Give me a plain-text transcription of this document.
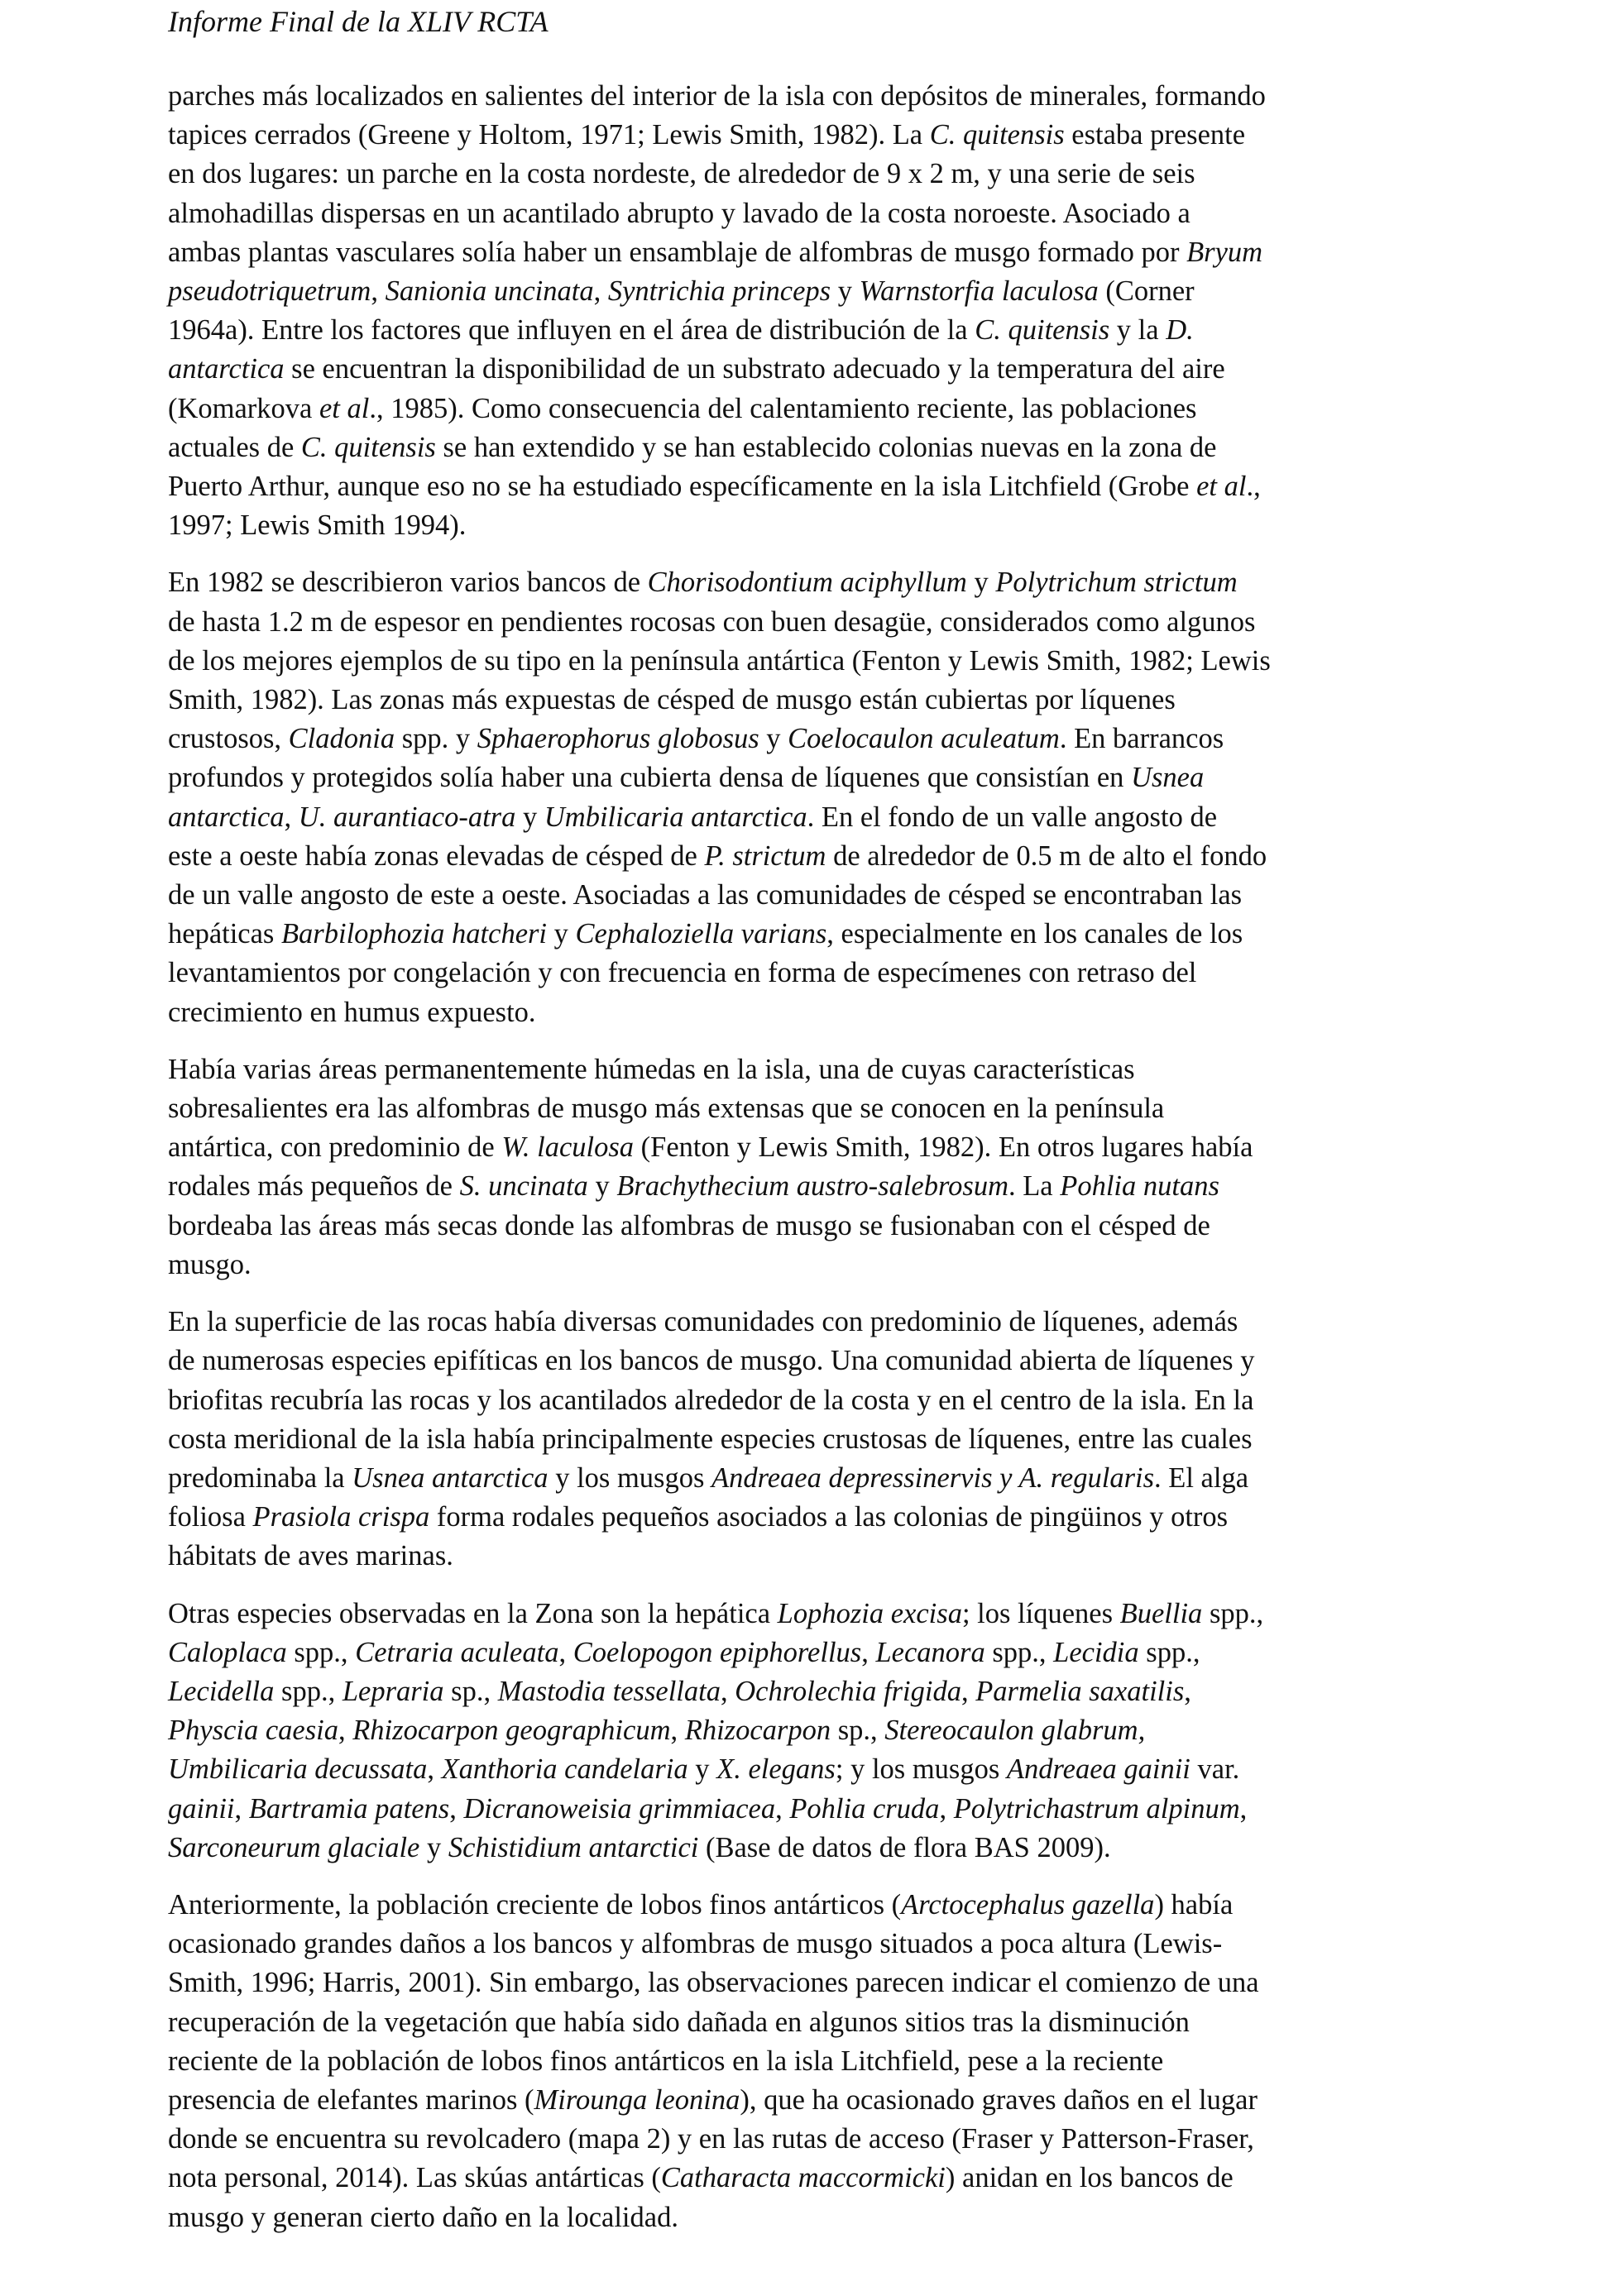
Informe Final de la XLIV RCTA

parches más localizados en salientes del interior de la isla con depósitos de minerales, formando
tapices cerrados (Greene y Holtom, 1971; Lewis Smith, 1982). La C. quitensis estaba presente
en dos lugares: un parche en la costa nordeste, de alrededor de 9 x 2 m, y una serie de seis
almohadillas dispersas en un acantilado abrupto y lavado de la costa noroeste. Asociado a
ambas plantas vasculares solía haber un ensamblaje de alfombras de musgo formado por Bryum
pseudotriquetrum, Sanionia uncinata, Syntrichia princeps y Warnstorfia laculosa (Corner
1964a). Entre los factores que influyen en el área de distribución de la C. quitensis y la D.
antarctica se encuentran la disponibilidad de un substrato adecuado y la temperatura del aire
(Komarkova et al., 1985). Como consecuencia del calentamiento reciente, las poblaciones
actuales de C. quitensis se han extendido y se han establecido colonias nuevas en la zona de
Puerto Arthur, aunque eso no se ha estudiado específicamente en la isla Litchfield (Grobe et al.,
1997; Lewis Smith 1994).

En 1982 se describieron varios bancos de Chorisodontium aciphyllum y Polytrichum strictum
de hasta 1.2 m de espesor en pendientes rocosas con buen desagüe, considerados como algunos
de los mejores ejemplos de su tipo en la península antártica (Fenton y Lewis Smith, 1982; Lewis
Smith, 1982). Las zonas más expuestas de césped de musgo están cubiertas por líquenes
crustosos, Cladonia spp. y Sphaerophorus globosus y Coelocaulon aculeatum. En barrancos
profundos y protegidos solía haber una cubierta densa de líquenes que consistían en Usnea
antarctica, U. aurantiaco-atra y Umbilicaria antarctica. En el fondo de un valle angosto de
este a oeste había zonas elevadas de césped de P. strictum de alrededor de 0.5 m de alto el fondo
de un valle angosto de este a oeste. Asociadas a las comunidades de césped se encontraban las
hepáticas Barbilophozia hatcheri y Cephaloziella varians, especialmente en los canales de los
levantamientos por congelación y con frecuencia en forma de especímenes con retraso del
crecimiento en humus expuesto.

Había varias áreas permanentemente húmedas en la isla, una de cuyas características
sobresalientes era las alfombras de musgo más extensas que se conocen en la península
antártica, con predominio de W. laculosa (Fenton y Lewis Smith, 1982). En otros lugares había
rodales más pequeños de S. uncinata y Brachythecium austro-salebrosum. La Pohlia nutans
bordeaba las áreas más secas donde las alfombras de musgo se fusionaban con el césped de
musgo.

En la superficie de las rocas había diversas comunidades con predominio de líquenes, además
de numerosas especies epifíticas en los bancos de musgo. Una comunidad abierta de líquenes y
briofitas recubría las rocas y los acantilados alrededor de la costa y en el centro de la isla. En la
costa meridional de la isla había principalmente especies crustosas de líquenes, entre las cuales
predominaba la Usnea antarctica y los musgos Andreaea depressinervis y A. regularis. El alga
foliosa Prasiola crispa forma rodales pequeños asociados a las colonias de pingüinos y otros
hábitats de aves marinas.

Otras especies observadas en la Zona son la hepática Lophozia excisa; los líquenes Buellia spp.,
Caloplaca spp., Cetraria aculeata, Coelopogon epiphorellus, Lecanora spp., Lecidia spp.,
Lecidella spp., Lepraria sp., Mastodia tessellata, Ochrolechia frigida, Parmelia saxatilis,
Physcia caesia, Rhizocarpon geographicum, Rhizocarpon sp., Stereocaulon glabrum,
Umbilicaria decussata, Xanthoria candelaria y X. elegans; y los musgos Andreaea gainii var.
gainii, Bartramia patens, Dicranoweisia grimmiacea, Pohlia cruda, Polytrichastrum alpinum,
Sarconeurum glaciale y Schistidium antarctici (Base de datos de flora BAS 2009).

Anteriormente, la población creciente de lobos finos antárticos (Arctocephalus gazella) había
ocasionado grandes daños a los bancos y alfombras de musgo situados a poca altura (Lewis-
Smith, 1996; Harris, 2001). Sin embargo, las observaciones parecen indicar el comienzo de una
recuperación de la vegetación que había sido dañada en algunos sitios tras la disminución
reciente de la población de lobos finos antárticos en la isla Litchfield, pese a la reciente
presencia de elefantes marinos (Mirounga leonina), que ha ocasionado graves daños en el lugar
donde se encuentra su revolcadero (mapa 2) y en las rutas de acceso (Fraser y Patterson-Fraser,
nota personal, 2014). Las skúas antárticas (Catharacta maccormicki) anidan en los bancos de
musgo y generan cierto daño en la localidad.
